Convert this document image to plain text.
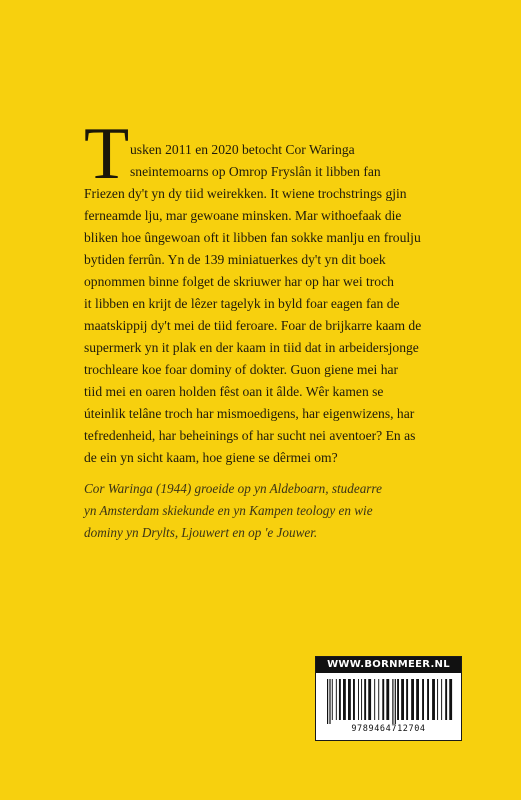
T usken 2011 en 2020 betocht Cor Waringa
sneintemoarns op Omrop Fryslân it libben fan
Friezen dy't yn dy tiid weirekken. It wiene trochstrings gjin
ferneamde lju, mar gewoane minsken. Mar withoefaak die
bliken hoe ûngewoan oft it libben fan sokke manlju en froulju
bytiden ferrûn. Yn de 139 miniatuerkes dy't yn dit boek
opnommen binne folget de skriuwer har op har wei troch
it libben en krijt de lêzer tagelyk in byld foar eagen fan de
maatskippij dy't mei de tiid feroare. Foar de brijkarre kaam de
supermerk yn it plak en der kaam in tiid dat in arbeidersjonge
trochleare koe foar dominy of dokter. Guon giene mei har
tiid mei en oaren holden fêst oan it âlde. Wêr kamen se
úteinlik telâne troch har mismoedigens, har eigenwizens, har
tefredenheid, har beheinings of har sucht nei aventoer? En as
de ein yn sicht kaam, hoe giene se dêrmei om?
Cor Waringa (1944) groeide op yn Aldeboarn, studearre
yn Amsterdam skiekunde en yn Kampen teology en wie
dominy yn Drylts, Ljouwert en op 'e Jouwer.
WWW.BORNMEER.NL
9789464712704
